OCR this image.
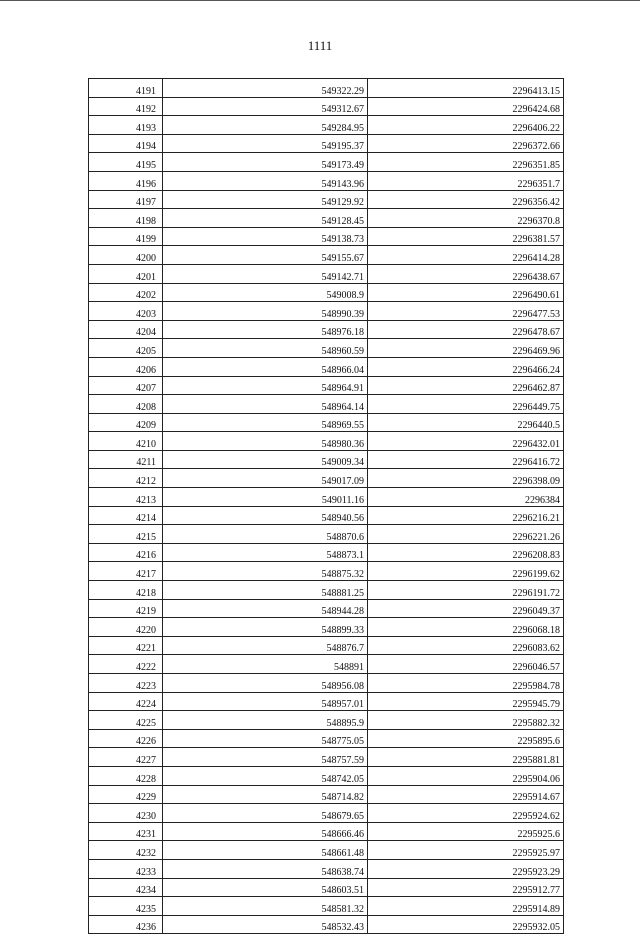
1111
4191	549322.29	2296413.15
4192	549312.67	2296424.68
4193	549284.95	2296406.22
4194	549195.37	2296372.66
4195	549173.49	2296351.85
4196	549143.96	2296351.7
4197	549129.92	2296356.42
4198	549128.45	2296370.8
4199	549138.73	2296381.57
4200	549155.67	2296414.28
4201	549142.71	2296438.67
4202	549008.9	2296490.61
4203	548990.39	2296477.53
4204	548976.18	2296478.67
4205	548960.59	2296469.96
4206	548966.04	2296466.24
4207	548964.91	2296462.87
4208	548964.14	2296449.75
4209	548969.55	2296440.5
4210	548980.36	2296432.01
4211	549009.34	2296416.72
4212	549017.09	2296398.09
4213	549011.16	2296384
4214	548940.56	2296216.21
4215	548870.6	2296221.26
4216	548873.1	2296208.83
4217	548875.32	2296199.62
4218	548881.25	2296191.72
4219	548944.28	2296049.37
4220	548899.33	2296068.18
4221	548876.7	2296083.62
4222	548891	2296046.57
4223	548956.08	2295984.78
4224	548957.01	2295945.79
4225	548895.9	2295882.32
4226	548775.05	2295895.6
4227	548757.59	2295881.81
4228	548742.05	2295904.06
4229	548714.82	2295914.67
4230	548679.65	2295924.62
4231	548666.46	2295925.6
4232	548661.48	2295925.97
4233	548638.74	2295923.29
4234	548603.51	2295912.77
4235	548581.32	2295914.89
4236	548532.43	2295932.05
